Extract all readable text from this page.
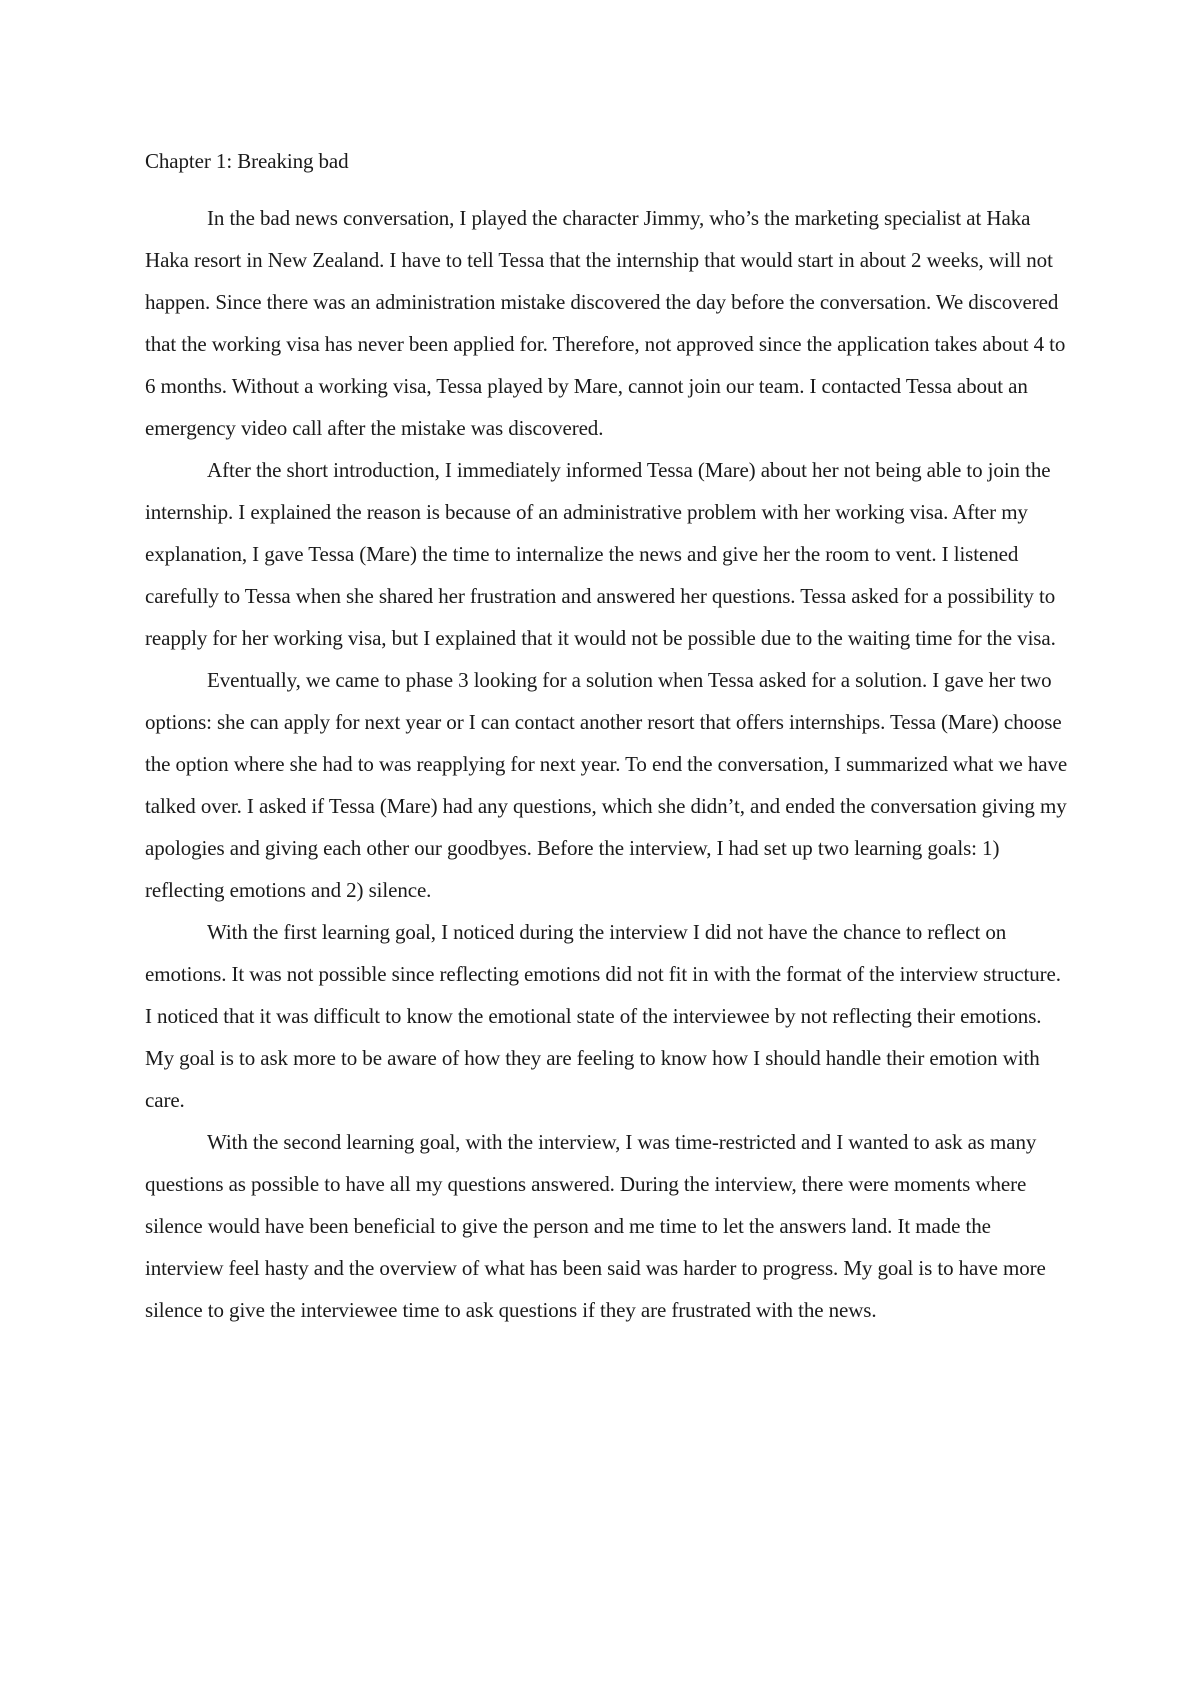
Chapter 1: Breaking bad

In the bad news conversation, I played the character Jimmy, who’s the marketing specialist at Haka Haka resort in New Zealand. I have to tell Tessa that the internship that would start in about 2 weeks, will not happen. Since there was an administration mistake discovered the day before the conversation. We discovered that the working visa has never been applied for. Therefore, not approved since the application takes about 4 to 6 months. Without a working visa, Tessa played by Mare, cannot join our team. I contacted Tessa about an emergency video call after the mistake was discovered.

After the short introduction, I immediately informed Tessa (Mare) about her not being able to join the internship. I explained the reason is because of an administrative problem with her working visa. After my explanation, I gave Tessa (Mare) the time to internalize the news and give her the room to vent. I listened carefully to Tessa when she shared her frustration and answered her questions. Tessa asked for a possibility to reapply for her working visa, but I explained that it would not be possible due to the waiting time for the visa.

Eventually, we came to phase 3 looking for a solution when Tessa asked for a solution. I gave her two options: she can apply for next year or I can contact another resort that offers internships. Tessa (Mare) choose the option where she had to was reapplying for next year. To end the conversation, I summarized what we have talked over. I asked if Tessa (Mare) had any questions, which she didn’t, and ended the conversation giving my apologies and giving each other our goodbyes. Before the interview, I had set up two learning goals: 1) reflecting emotions and 2) silence.

With the first learning goal, I noticed during the interview I did not have the chance to reflect on emotions. It was not possible since reflecting emotions did not fit in with the format of the interview structure. I noticed that it was difficult to know the emotional state of the interviewee by not reflecting their emotions. My goal is to ask more to be aware of how they are feeling to know how I should handle their emotion with care.

With the second learning goal, with the interview, I was time-restricted and I wanted to ask as many questions as possible to have all my questions answered. During the interview, there were moments where silence would have been beneficial to give the person and me time to let the answers land. It made the interview feel hasty and the overview of what has been said was harder to progress. My goal is to have more silence to give the interviewee time to ask questions if they are frustrated with the news.
